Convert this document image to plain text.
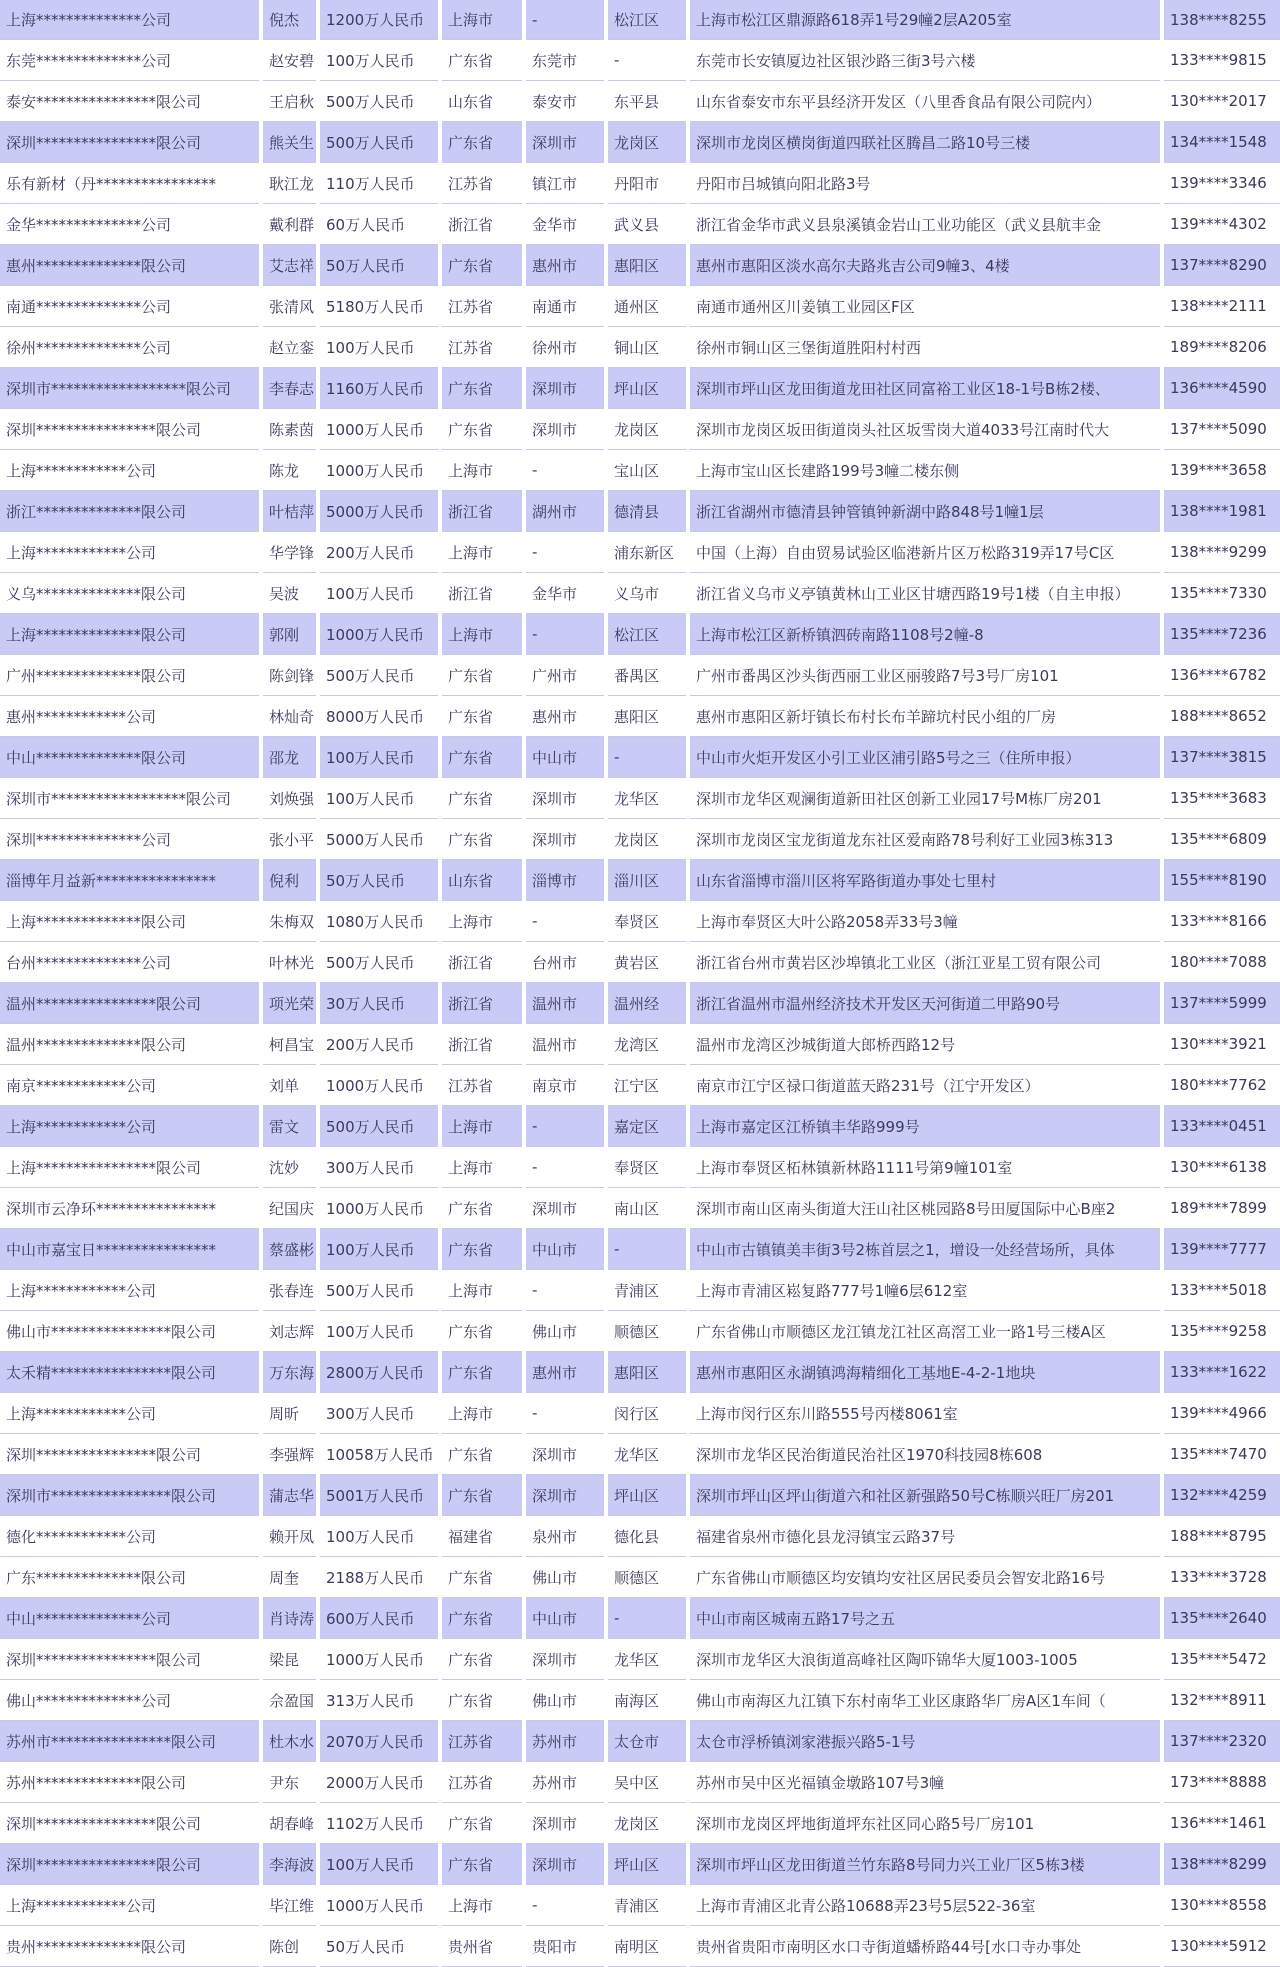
上海**************公司	倪杰	1200万人民币	上海市	-	松江区	上海市松江区鼎源路618弄1号29幢2层A205室	138****8255
东莞**************公司	赵安碧	100万人民币	广东省	东莞市	-	东莞市长安镇厦边社区银沙路三街3号六楼	133****9815
泰安****************限公司	王启秋	500万人民币	山东省	泰安市	东平县	山东省泰安市东平县经济开发区（八里香食品有限公司院内）	130****2017
深圳****************限公司	熊关生	500万人民币	广东省	深圳市	龙岗区	深圳市龙岗区横岗街道四联社区腾昌二路10号三楼	134****1548
乐有新材（丹****************	耿江龙	110万人民币	江苏省	镇江市	丹阳市	丹阳市吕城镇向阳北路3号	139****3346
金华**************公司	戴利群	60万人民币	浙江省	金华市	武义县	浙江省金华市武义县泉溪镇金岩山工业功能区（武义县航丰金	139****4302
惠州**************限公司	艾志祥	50万人民币	广东省	惠州市	惠阳区	惠州市惠阳区淡水高尔夫路兆吉公司9幢3、4楼	137****8290
南通**************公司	张清风	5180万人民币	江苏省	南通市	通州区	南通市通州区川姜镇工业园区F区	138****2111
徐州**************公司	赵立銮	100万人民币	江苏省	徐州市	铜山区	徐州市铜山区三堡街道胜阳村村西	189****8206
深圳市******************限公司	李春志	1160万人民币	广东省	深圳市	坪山区	深圳市坪山区龙田街道龙田社区同富裕工业区18-1号B栋2楼、	136****4590
深圳****************限公司	陈素茵	1000万人民币	广东省	深圳市	龙岗区	深圳市龙岗区坂田街道岗头社区坂雪岗大道4033号江南时代大	137****5090
上海************公司	陈龙	1000万人民币	上海市	-	宝山区	上海市宝山区长建路199号3幢二楼东侧	139****3658
浙江**************限公司	叶桔萍	5000万人民币	浙江省	湖州市	德清县	浙江省湖州市德清县钟管镇钟新湖中路848号1幢1层	138****1981
上海************公司	华学锋	200万人民币	上海市	-	浦东新区	中国（上海）自由贸易试验区临港新片区万松路319弄17号C区	138****9299
义乌**************限公司	吴波	100万人民币	浙江省	金华市	义乌市	浙江省义乌市义亭镇黄林山工业区甘塘西路19号1楼（自主申报）	135****7330
上海**************限公司	郭刚	1000万人民币	上海市	-	松江区	上海市松江区新桥镇泗砖南路1108号2幢-8	135****7236
广州**************限公司	陈剑锋	500万人民币	广东省	广州市	番禺区	广州市番禺区沙头街西丽工业区丽骏路7号3号厂房101	136****6782
惠州************公司	林灿奇	8000万人民币	广东省	惠州市	惠阳区	惠州市惠阳区新圩镇长布村长布羊蹄坑村民小组的厂房	188****8652
中山**************限公司	邵龙	100万人民币	广东省	中山市	-	中山市火炬开发区小引工业区浦引路5号之三（住所申报）	137****3815
深圳市******************限公司	刘焕强	100万人民币	广东省	深圳市	龙华区	深圳市龙华区观澜街道新田社区创新工业园17号M栋厂房201	135****3683
深圳**************公司	张小平	5000万人民币	广东省	深圳市	龙岗区	深圳市龙岗区宝龙街道龙东社区爱南路78号利好工业园3栋313	135****6809
淄博年月益新****************	倪利	50万人民币	山东省	淄博市	淄川区	山东省淄博市淄川区将军路街道办事处七里村	155****8190
上海**************限公司	朱梅双	1080万人民币	上海市	-	奉贤区	上海市奉贤区大叶公路2058弄33号3幢	133****8166
台州**************公司	叶林光	500万人民币	浙江省	台州市	黄岩区	浙江省台州市黄岩区沙埠镇北工业区（浙江亚星工贸有限公司	180****7088
温州****************限公司	项光荣	30万人民币	浙江省	温州市	温州经	浙江省温州市温州经济技术开发区天河街道二甲路90号	137****5999
温州**************限公司	柯昌宝	200万人民币	浙江省	温州市	龙湾区	温州市龙湾区沙城街道大郎桥西路12号	130****3921
南京************公司	刘单	1000万人民币	江苏省	南京市	江宁区	南京市江宁区禄口街道蓝天路231号（江宁开发区）	180****7762
上海************公司	雷文	500万人民币	上海市	-	嘉定区	上海市嘉定区江桥镇丰华路999号	133****0451
上海****************限公司	沈妙	300万人民币	上海市	-	奉贤区	上海市奉贤区柘林镇新林路1111号第9幢101室	130****6138
深圳市云净环****************	纪国庆	1000万人民币	广东省	深圳市	南山区	深圳市南山区南头街道大汪山社区桃园路8号田厦国际中心B座2	189****7899
中山市嘉宝日****************	蔡盛彬	100万人民币	广东省	中山市	-	中山市古镇镇美丰街3号2栋首层之1，增设一处经营场所，具体	139****7777
上海************公司	张春连	500万人民币	上海市	-	青浦区	上海市青浦区崧复路777号1幢6层612室	133****5018
佛山市****************限公司	刘志辉	100万人民币	广东省	佛山市	顺德区	广东省佛山市顺德区龙江镇龙江社区高滘工业一路1号三楼A区	135****9258
太禾精****************限公司	万东海	2800万人民币	广东省	惠州市	惠阳区	惠州市惠阳区永湖镇鸿海精细化工基地E-4-2-1地块	133****1622
上海************公司	周昕	300万人民币	上海市	-	闵行区	上海市闵行区东川路555号丙楼8061室	139****4966
深圳****************限公司	李强辉	10058万人民币	广东省	深圳市	龙华区	深圳市龙华区民治街道民治社区1970科技园8栋608	135****7470
深圳市****************限公司	蒲志华	5001万人民币	广东省	深圳市	坪山区	深圳市坪山区坪山街道六和社区新强路50号C栋顺兴旺厂房201	132****4259
德化************公司	赖开凤	100万人民币	福建省	泉州市	德化县	福建省泉州市德化县龙浔镇宝云路37号	188****8795
广东**************限公司	周奎	2188万人民币	广东省	佛山市	顺德区	广东省佛山市顺德区均安镇均安社区居民委员会智安北路16号	133****3728
中山**************公司	肖诗涛	600万人民币	广东省	中山市	-	中山市南区城南五路17号之五	135****2640
深圳****************限公司	梁昆	1000万人民币	广东省	深圳市	龙华区	深圳市龙华区大浪街道高峰社区陶吓锦华大厦1003-1005	135****5472
佛山**************公司	佘盈国	313万人民币	广东省	佛山市	南海区	佛山市南海区九江镇下东村南华工业区康路华厂房A区1车间（	132****8911
苏州市****************限公司	杜木水	2070万人民币	江苏省	苏州市	太仓市	太仓市浮桥镇浏家港振兴路5-1号	137****2320
苏州**************限公司	尹东	2000万人民币	江苏省	苏州市	吴中区	苏州市吴中区光福镇金墩路107号3幢	173****8888
深圳****************限公司	胡春峰	1102万人民币	广东省	深圳市	龙岗区	深圳市龙岗区坪地街道坪东社区同心路5号厂房101	136****1461
深圳****************限公司	李海波	100万人民币	广东省	深圳市	坪山区	深圳市坪山区龙田街道兰竹东路8号同力兴工业厂区5栋3楼	138****8299
上海************公司	毕江维	1000万人民币	上海市	-	青浦区	上海市青浦区北青公路10688弄23号5层522-36室	130****8558
贵州**************限公司	陈创	50万人民币	贵州省	贵阳市	南明区	贵州省贵阳市南明区水口寺街道蟠桥路44号[水口寺办事处	130****5912
